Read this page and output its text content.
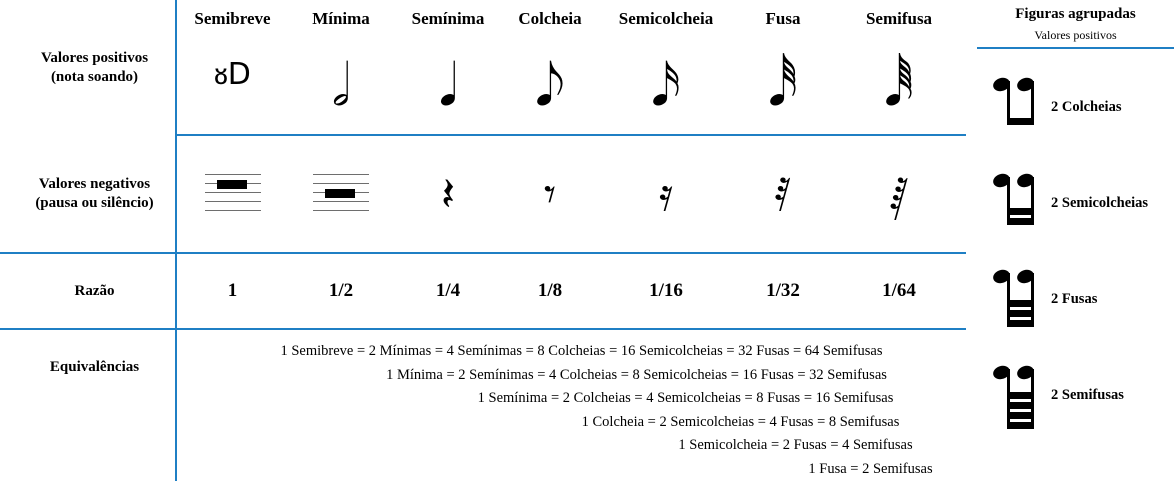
Valores positivos
(nota soando)	Semibreve	Mínima	Semínima	Colcheia	Semicolcheia	Fusa	Semifusa
	ᴕD	𝅗𝅥	𝅘𝅥	𝅘𝅥𝅮	𝅘𝅥𝅯	𝅘𝅥𝅰	𝅘𝅥𝅱
Valores negativos
(pausa ou silêncio)			𝄽	𝄾	𝄿	𝅀	𝅁
Razão	1	1/2	1/4	1/8	1/16	1/32	1/64
Equivalências	
1 Semibreve = 2 Mínimas = 4 Semínimas = 8 Colcheias = 16 Semicolcheias = 32 Fusas = 64 Semifusas
1 Mínima = 2 Semínimas = 4 Colcheias = 8 Semicolcheias = 16 Fusas = 32 Semifusas
1 Semínima = 2 Colcheias = 4 Semicolcheias = 8 Fusas = 16 Semifusas
1 Colcheia = 2 Semicolcheias = 4 Fusas = 8 Semifusas
1 Semicolcheia = 2 Fusas = 4 Semifusas
1 Fusa = 2 Semifusas
Figuras agrupadas
Valores positivos
2 Colcheias
2 Semicolcheias
2 Fusas
2 Semifusas
